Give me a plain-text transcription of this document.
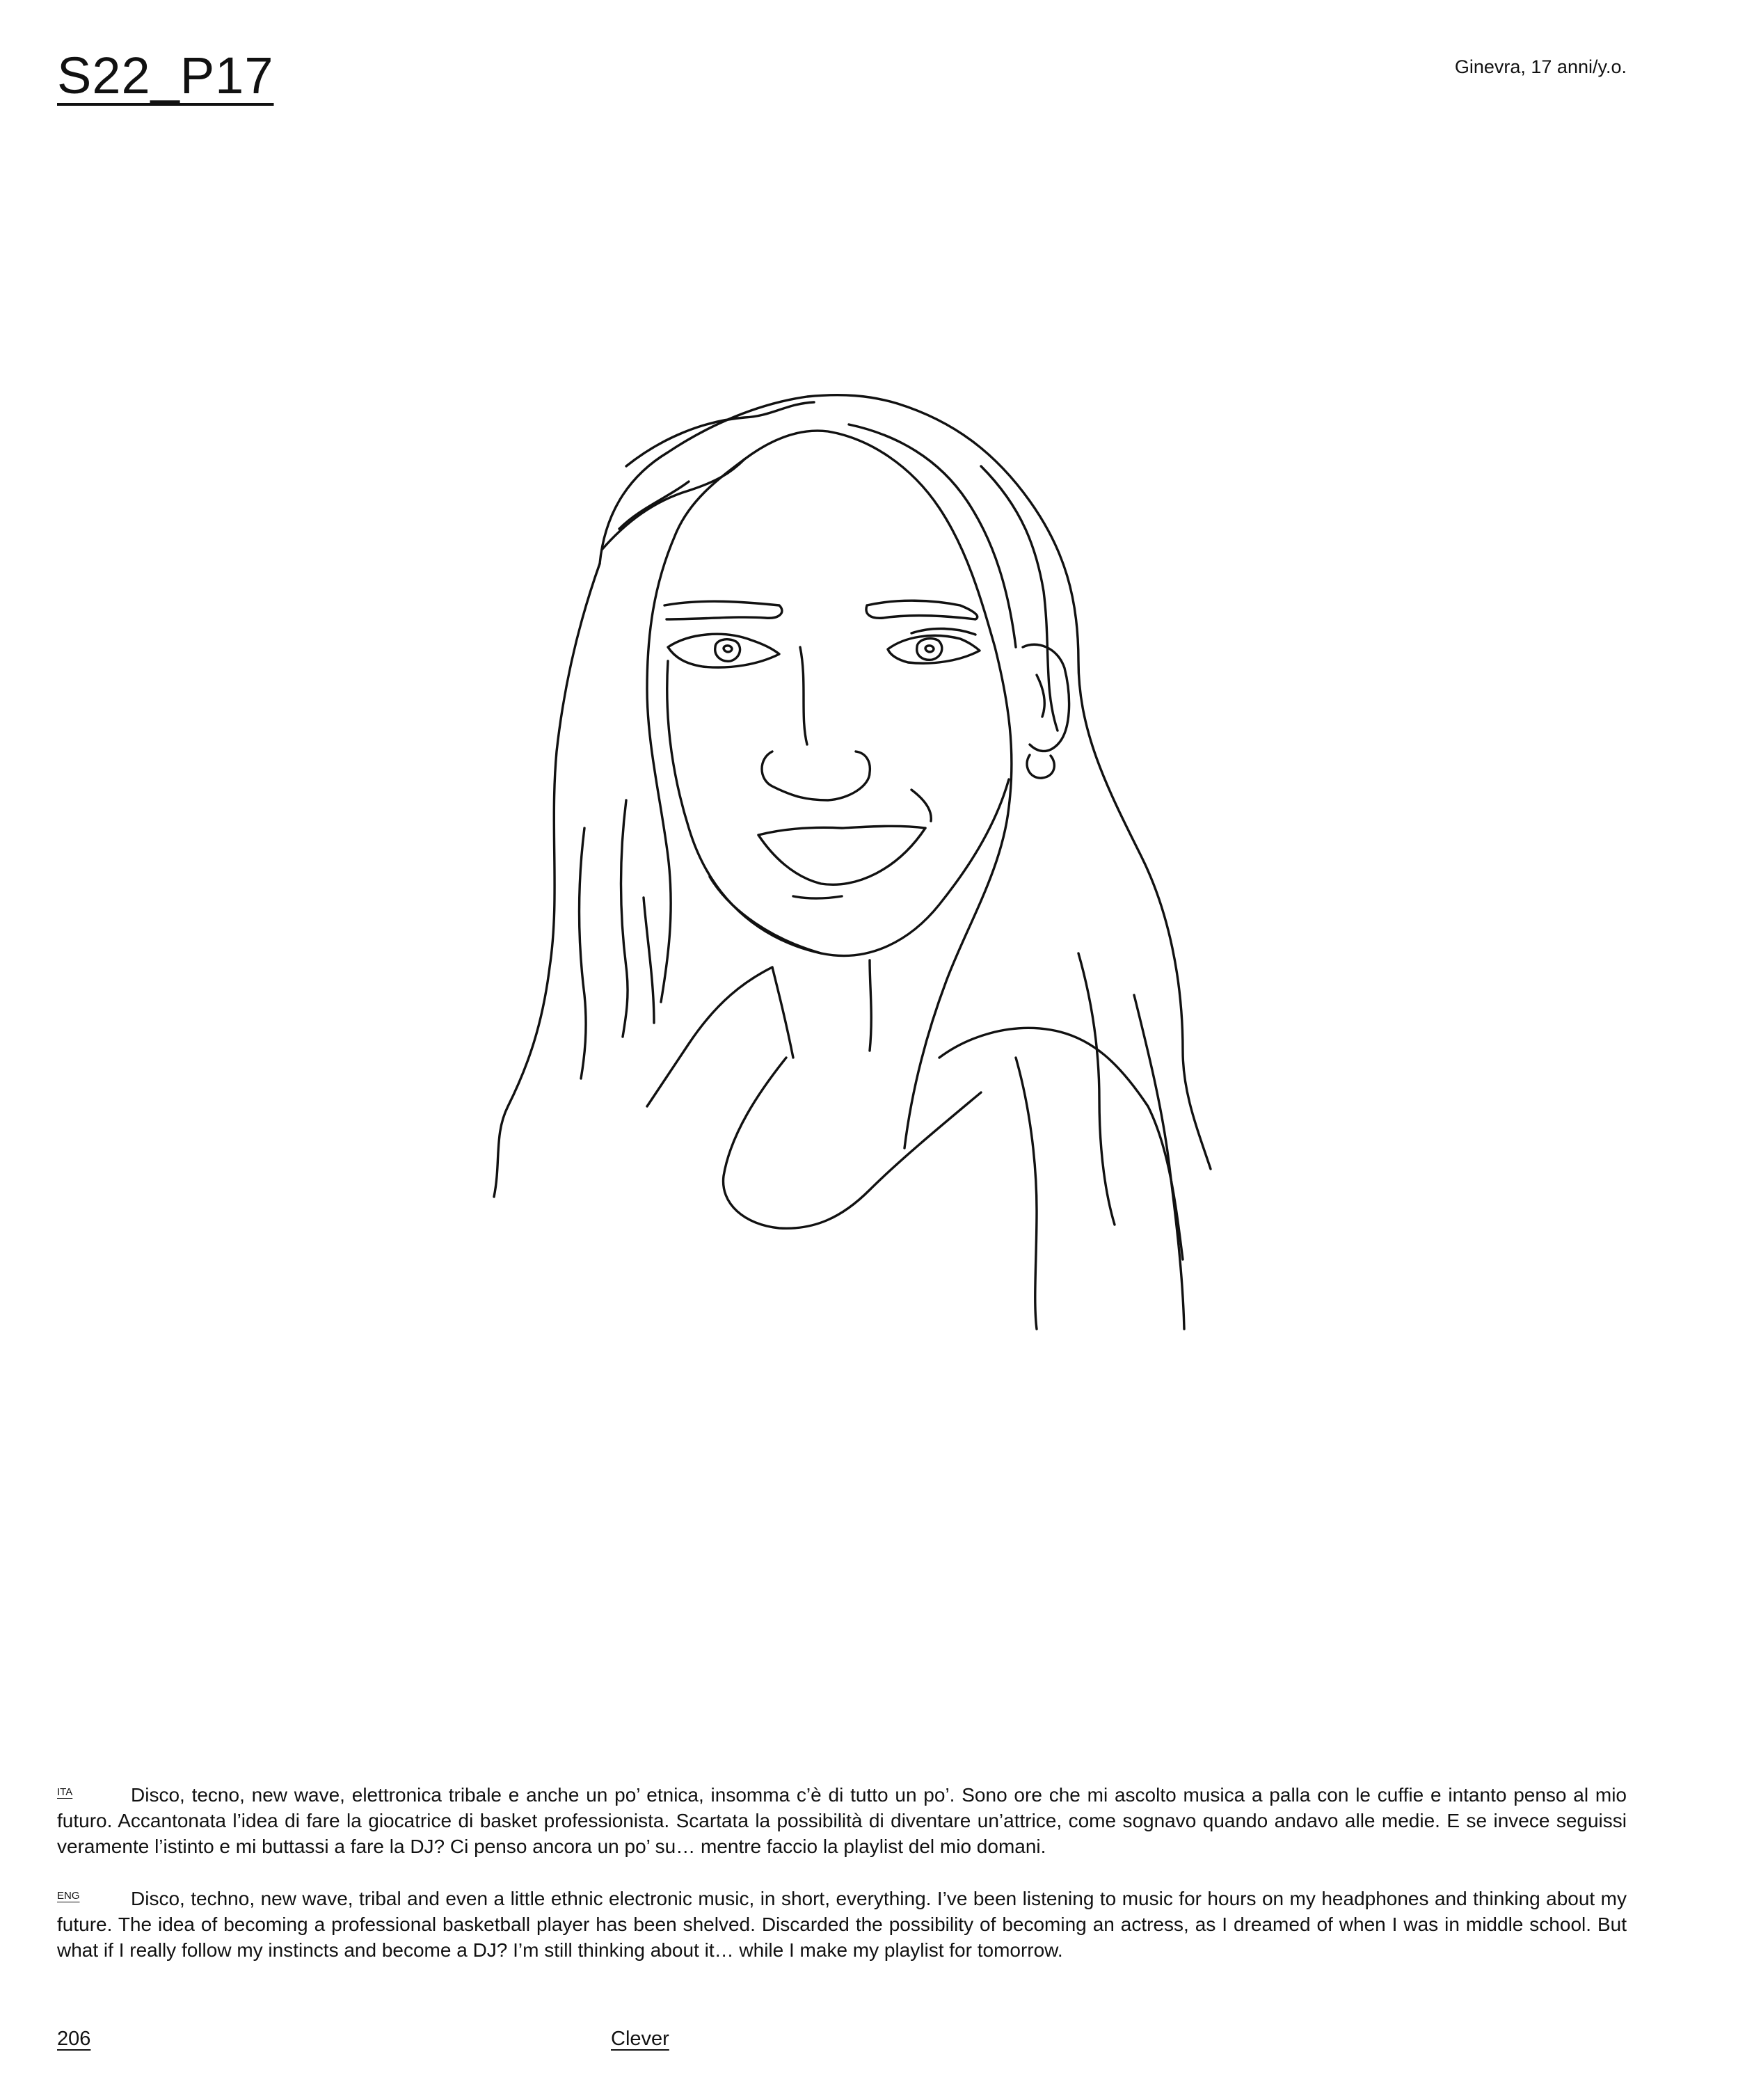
S22_P17	Ginevra, 17 anni/y.o.

ITA	Disco, tecno, new wave, elettronica tribale e anche un po’ etnica, insomma c’è di tutto un po’. Sono ore che mi ascolto musica a palla con le cuffie e intanto penso al mio futuro. Accantonata l’idea di fare la giocatrice di basket professionista. Scartata la possibilità di diventare un’attrice, come sognavo quando andavo alle medie. E se invece seguissi veramente l’istinto e mi buttassi a fare la DJ? Ci penso ancora un po’ su… mentre faccio la playlist del mio domani.

ENG	Disco, techno, new wave, tribal and even a little ethnic electronic music, in short, everything. I’ve been listening to music for hours on my headphones and thinking about my future. The idea of becoming a professional basketball player has been shelved. Discarded the possibility of becoming an actress, as I dreamed of when I was in middle school. But what if I really follow my instincts and become a DJ? I’m still thinking about it… while I make my playlist for tomorrow.

206	Clever
